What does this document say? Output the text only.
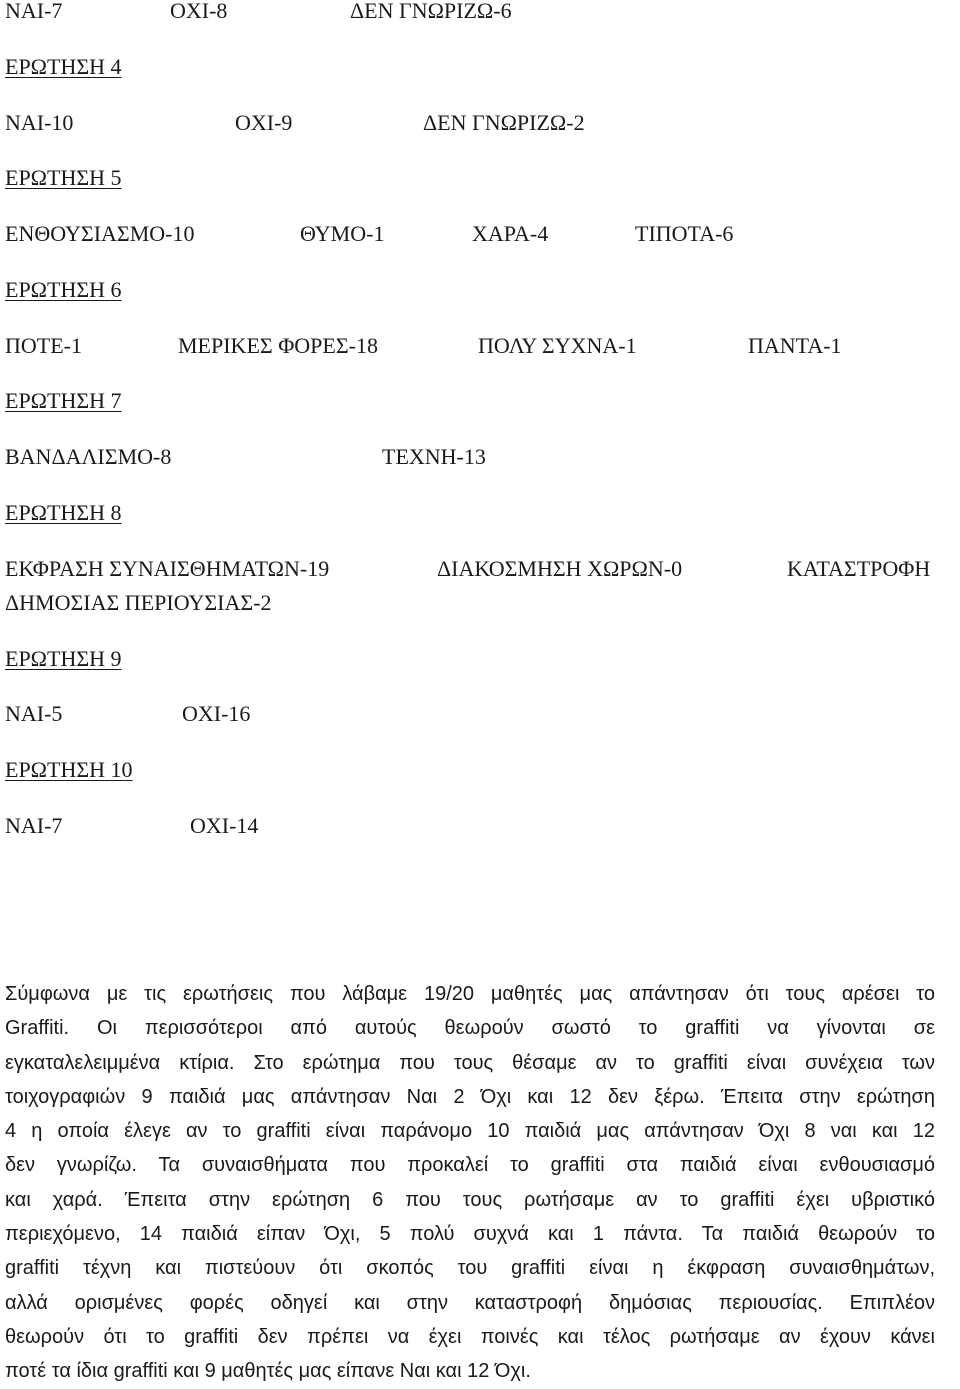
ΝΑΙ-7	ΟΧΙ-8	ΔΕΝ ΓΝΩΡΙΖΩ-6
ΕΡΩΤΗΣΗ 4
ΝΑΙ-10	ΟΧΙ-9	ΔΕΝ ΓΝΩΡΙΖΩ-2
ΕΡΩΤΗΣΗ 5
ΕΝΘΟΥΣΙΑΣΜΟ-10	ΘΥΜΟ-1	ΧΑΡΑ-4	ΤΙΠΟΤΑ-6
ΕΡΩΤΗΣΗ 6
ΠΟΤΕ-1	ΜΕΡΙΚΕΣ ΦΟΡΕΣ-18	ΠΟΛΥ ΣΥΧΝΑ-1	ΠΑΝΤΑ-1
ΕΡΩΤΗΣΗ 7
ΒΑΝΔΑΛΙΣΜΟ-8	ΤΕΧΝΗ-13
ΕΡΩΤΗΣΗ 8
ΕΚΦΡΑΣΗ ΣΥΝΑΙΣΘΗΜΑΤΩΝ-19	ΔΙΑΚΟΣΜΗΣΗ ΧΩΡΩΝ-0	ΚΑΤΑΣΤΡΟΦΗ
ΔΗΜΟΣΙΑΣ ΠΕΡΙΟΥΣΙΑΣ-2
ΕΡΩΤΗΣΗ 9
ΝΑΙ-5	ΟΧΙ-16
ΕΡΩΤΗΣΗ 10
ΝΑΙ-7	ΟΧΙ-14
Σύμφωνα με τις ερωτήσεις που λάβαμε 19/20 μαθητές μας απάντησαν ότι τους αρέσει το
Graffiti. Οι περισσότεροι από αυτούς θεωρούν σωστό το graffiti να γίνονται σε
εγκαταλελειμμένα κτίρια. Στο ερώτημα που τους θέσαμε αν το graffiti είναι συνέχεια των
τοιχογραφιών 9 παιδιά μας απάντησαν Ναι 2 Όχι και 12 δεν ξέρω. Έπειτα στην ερώτηση
4 η οποία έλεγε αν το graffiti είναι παράνομο 10 παιδιά μας απάντησαν Όχι 8 ναι και 12
δεν γνωρίζω. Τα συναισθήματα που προκαλεί το graffiti στα παιδιά είναι ενθουσιασμό
και χαρά. Έπειτα στην ερώτηση 6 που τους ρωτήσαμε αν το graffiti έχει υβριστικό
περιεχόμενο, 14 παιδιά είπαν Όχι, 5 πολύ συχνά και 1 πάντα. Τα παιδιά θεωρούν το
graffiti τέχνη και πιστεύουν ότι σκοπός του graffiti είναι η έκφραση συναισθημάτων,
αλλά ορισμένες φορές οδηγεί και στην καταστροφή δημόσιας περιουσίας. Επιπλέον
θεωρούν ότι το graffiti δεν πρέπει να έχει ποινές και τέλος ρωτήσαμε αν έχουν κάνει
ποτέ τα ίδια graffiti και 9 μαθητές μας είπανε Ναι και 12 Όχι.
